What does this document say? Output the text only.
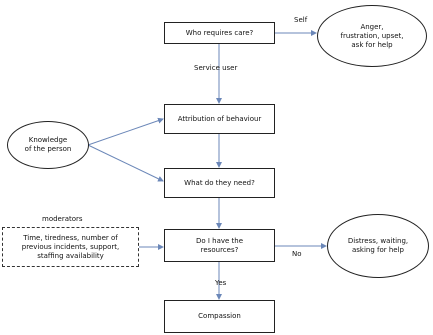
Who requires care?
Attribution of behaviour
What do they need?
Do I have the
resources?
Compassion
Anger,
frustration, upset,
ask for help
Knowledge
of the person
Distress, waiting,
asking for help
moderators
Time, tiredness, number of
previous incidents, support,
staffing availability
Self
Service user
No
Yes
